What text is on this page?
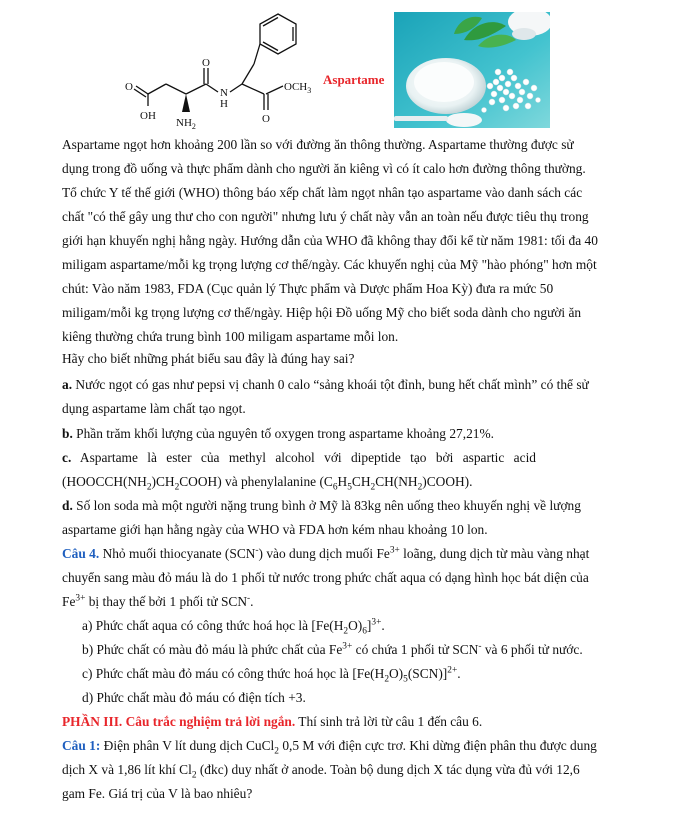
O
OH
$NH_2$
O
N
H
O
$OCH_3$
Aspartame
Aspartame ngọt hơn khoảng 200 lần so với đường ăn thông thường. Aspartame thường được sử
dụng trong đồ uống và thực phẩm dành cho người ăn kiêng vì có ít calo hơn đường thông thường.
Tổ chức Y tế thế giới (WHO) thông báo xếp chất làm ngọt nhân tạo aspartame vào danh sách các
chất "có thể gây ung thư cho con người" nhưng lưu ý chất này vẫn an toàn nếu được tiêu thụ trong
giới hạn khuyến nghị hằng ngày. Hướng dẫn của WHO đã không thay đổi kể từ năm 1981: tối đa 40
miligam aspartame/mỗi kg trọng lượng cơ thể/ngày. Các khuyến nghị của Mỹ "hào phóng" hơn một
chút: Vào năm 1983, FDA (Cục quản lý Thực phẩm và Dược phẩm Hoa Kỳ) đưa ra mức 50
miligam/mỗi kg trọng lượng cơ thể/ngày. Hiệp hội Đồ uống Mỹ cho biết soda dành cho người ăn
kiêng thường chứa trung bình 100 miligam aspartame mỗi lon.
Hãy cho biết những phát biểu sau đây là đúng hay sai?
a. Nước ngọt có gas như pepsi vị chanh 0 calo “sảng khoái tột đỉnh, bung hết chất mình” có thể sử
dụng aspartame làm chất tạo ngọt.
b. Phần trăm khối lượng của nguyên tố oxygen trong aspartame khoảng 27,21%.
c. Aspartame là ester của methyl alcohol với dipeptide tạo bởi aspartic acid
$(HOOCCH(NH_2)CH_2COOH)$ và phenylalanine $(C_6H_5CH_2CH(NH_2)COOH)$.
d. Số lon soda mà một người nặng trung bình ở Mỹ là 83kg nên uống theo khuyến nghị về lượng
aspartame giới hạn hằng ngày của WHO và FDA hơn kém nhau khoảng 10 lon.
Câu 4. Nhỏ muối thiocyanate (SCN-) vào dung dịch muối $Fe^{3+}$ loãng, dung dịch từ màu vàng nhạt
chuyển sang màu đỏ máu là do 1 phối tử nước trong phức chất aqua có dạng hình học bát diện của
$Fe^{3+}$ bị thay thế bởi 1 phối tử SCN-.
a) Phức chất aqua có công thức hoá học là $[Fe(H_2O)_6]^{3+}$.
b) Phức chất có màu đỏ máu là phức chất của $Fe^{3+}$ có chứa 1 phối tử SCN- và 6 phối tử nước.
c) Phức chất màu đỏ máu có công thức hoá học là $[Fe(H_2O)_5(SCN)]^{2+}$.
d) Phức chất màu đỏ máu có điện tích +3.
PHẦN III. Câu trắc nghiệm trả lời ngắn. Thí sinh trả lời từ câu 1 đến câu 6.
Câu 1: Điện phân V lít dung dịch CuCl$_2$ 0,5 M với điện cực trơ. Khi dừng điện phân thu được dung
dịch X và 1,86 lít khí $Cl_2$ (đkc) duy nhất ở anode. Toàn bộ dung dịch X tác dụng vừa đủ với 12,6
gam Fe. Giá trị của V là bao nhiêu?
